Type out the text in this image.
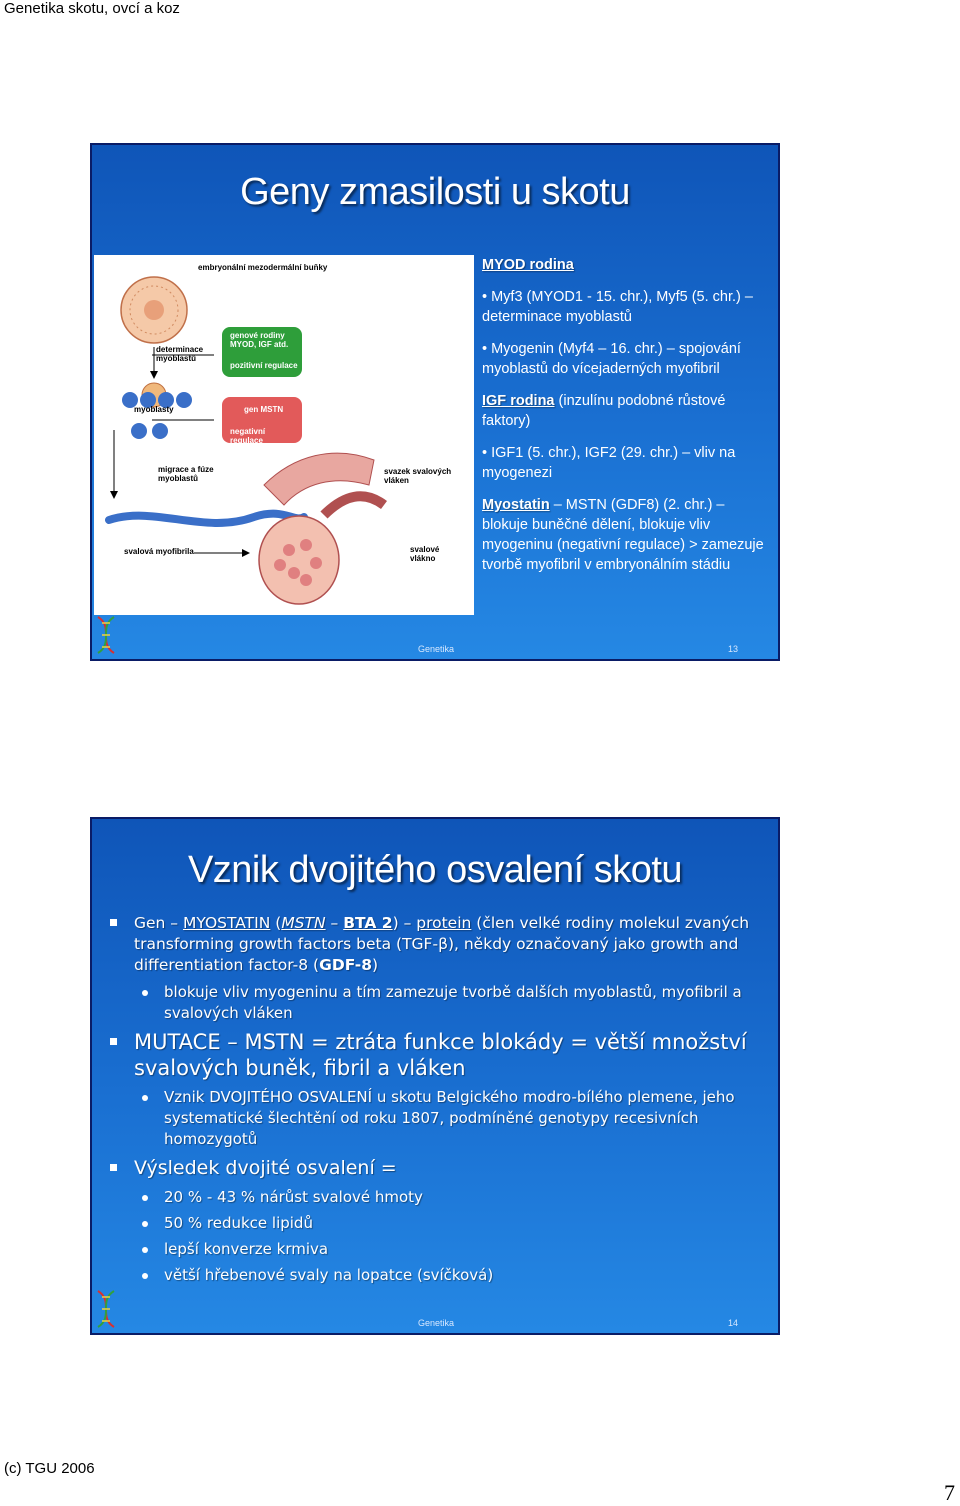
Genetika skotu, ovcí a koz
Geny zmasilosti u skotu
embryonální mezodermální buňky
determinace myoblastů
genové rodiny MYOD, IGF atd.
pozitivní regulace
gen MSTN
negativní regulace
myoblasty
migrace a fúze myoblastů
svazek svalových vláken
svalová myofibrila	svalové vlákno

MYOD rodina

• Myf3 (MYOD1 - 15. chr.), Myf5 (5. chr.) – determinace myoblastů

• Myogenin (Myf4 – 16. chr.) – spojování myoblastů do vícejaderných myofibril

IGF rodina (inzulínu podobné růstové faktory)

• IGF1 (5. chr.), IGF2 (29. chr.) – vliv na myogenezi

Myostatin – MSTN (GDF8) (2. chr.) – blokuje buněčné dělení, blokuje vliv myogeninu (negativní regulace) > zamezuje tvorbě myofibril v embryonálním stádiu

Genetika	13
Vznik dvojitého osvalení skotu
Gen – MYOSTATIN (MSTN – BTA 2) – protein (člen velké rodiny molekul zvaných transforming growth factors beta (TGF-β), někdy označovaný jako growth and differentiation factor-8 (GDF-8)
blokuje vliv myogeninu a tím zamezuje tvorbě dalších myoblastů, myofibril a svalových vláken
MUTACE – MSTN = ztráta funkce blokády = větší množství svalových buněk, fibril a vláken
Vznik DVOJITÉHO OSVALENÍ u skotu Belgického modro-bílého plemene, jeho systematické šlechtění od roku 1807, podmíněné genotypy recesivních homozygotů
Výsledek dvojité osvalení =
20 % - 43 % nárůst svalové hmoty
50 % redukce lipidů
lepší konverze krmiva
větší hřebenové svaly na lopatce (svíčková)
Genetika	14
(c) TGU 2006
7
